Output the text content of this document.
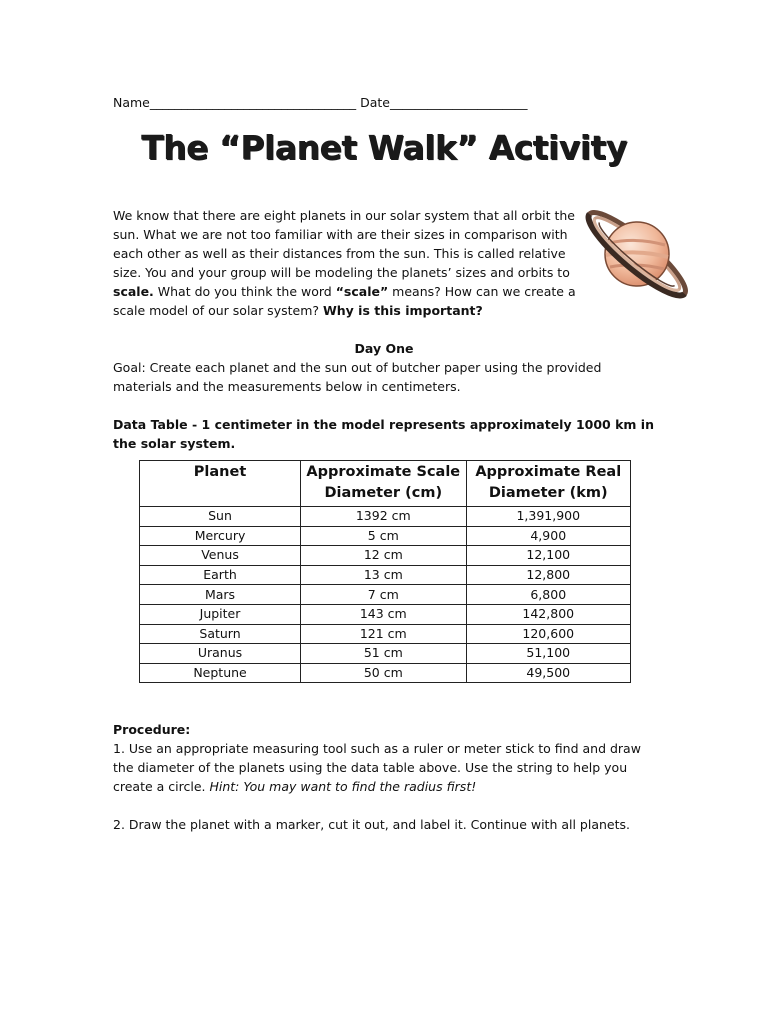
Name_________________________________ Date______________________
The “Planet Walk” Activity
We know that there are eight planets in our solar system that all orbit the sun. What we are not too familiar with are their sizes in comparison with each other as well as their distances from the sun. This is called relative size. You and your group will be modeling the planets’ sizes and orbits to scale. What do you think the word “scale” means? How can we create a scale model of our solar system? Why is this important?
Day One
Goal: Create each planet and the sun out of butcher paper using the provided materials and the measurements below in centimeters.
Data Table - 1 centimeter in the model represents approximately 1000 km in the solar system.
Planet	Approximate Scale Diameter (cm)	Approximate Real Diameter (km)
Sun	1392 cm	1,391,900
Mercury	5 cm	4,900
Venus	12 cm	12,100
Earth	13 cm	12,800
Mars	7 cm	6,800
Jupiter	143 cm	142,800
Saturn	121 cm	120,600
Uranus	51 cm	51,100
Neptune	50 cm	49,500
Procedure:

1. Use an appropriate measuring tool such as a ruler or meter stick to find and draw the diameter of the planets using the data table above. Use the string to help you create a circle. Hint: You may want to find the radius first!

2. Draw the planet with a marker, cut it out, and label it. Continue with all planets.
